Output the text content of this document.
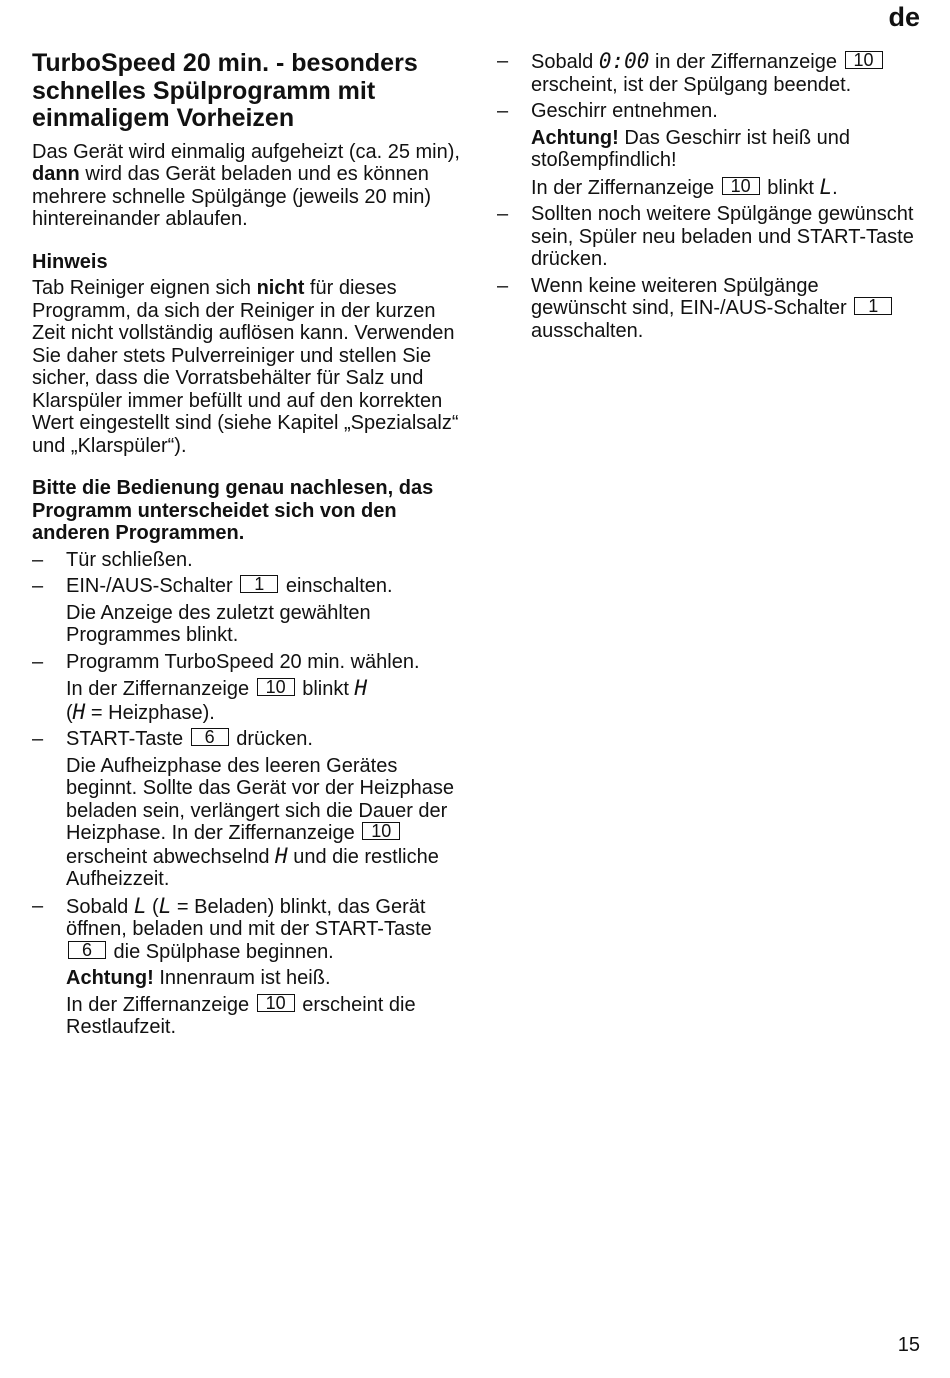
de
TurboSpeed 20 min. - besonders schnelles Spülprogramm mit einmaligem Vorheizen

Das Gerät wird einmalig aufgeheizt (ca. 25 min), dann wird das Gerät beladen und es können mehrere schnelle Spülgänge (jeweils 20 min) hintereinander ablaufen.

Hinweis

Tab Reiniger eignen sich nicht für dieses Programm, da sich der Reiniger in der kurzen Zeit nicht vollständig auflösen kann. Verwenden Sie daher stets Pulverreiniger und stellen Sie sicher, dass die Vorratsbehälter für Salz und Klarspüler immer befüllt und auf den korrekten Wert eingestellt sind (siehe Kapitel „Spezialsalz“ und „Klarspüler“).

Bitte die Bedienung genau nachlesen, das Programm unterscheidet sich von den anderen Programmen.

–	Tür schließen.
–	EIN-/AUS-Schalter 1 einschalten.
Die Anzeige des zuletzt gewählten Programmes blinkt.
–	Programm TurboSpeed 20 min. wählen.
In der Ziffernanzeige 10 blinkt H
(H = Heizphase).
–	START-Taste 6 drücken.
Die Aufheizphase des leeren Gerätes beginnt. Sollte das Gerät vor der Heizphase beladen sein, verlängert sich die Dauer der Heizphase. In der Ziffernanzeige 10 erscheint abwechselnd H und die restliche Aufheizzeit.
–	Sobald L (L = Beladen) blinkt, das Gerät öffnen, beladen und mit der START-Taste 6 die Spülphase beginnen.
Achtung! Innenraum ist heiß.
In der Ziffernanzeige 10 erscheint die Restlaufzeit.
–	Sobald 0:00 in der Ziffernanzeige 10 erscheint, ist der Spülgang beendet.
–	Geschirr entnehmen.
Achtung! Das Geschirr ist heiß und stoßempfindlich!
In der Ziffernanzeige 10 blinkt L.
–	Sollten noch weitere Spülgänge gewünscht sein, Spüler neu beladen und START-Taste drücken.
–	Wenn keine weiteren Spülgänge gewünscht sind, EIN-/AUS-Schalter 1 ausschalten.
15
